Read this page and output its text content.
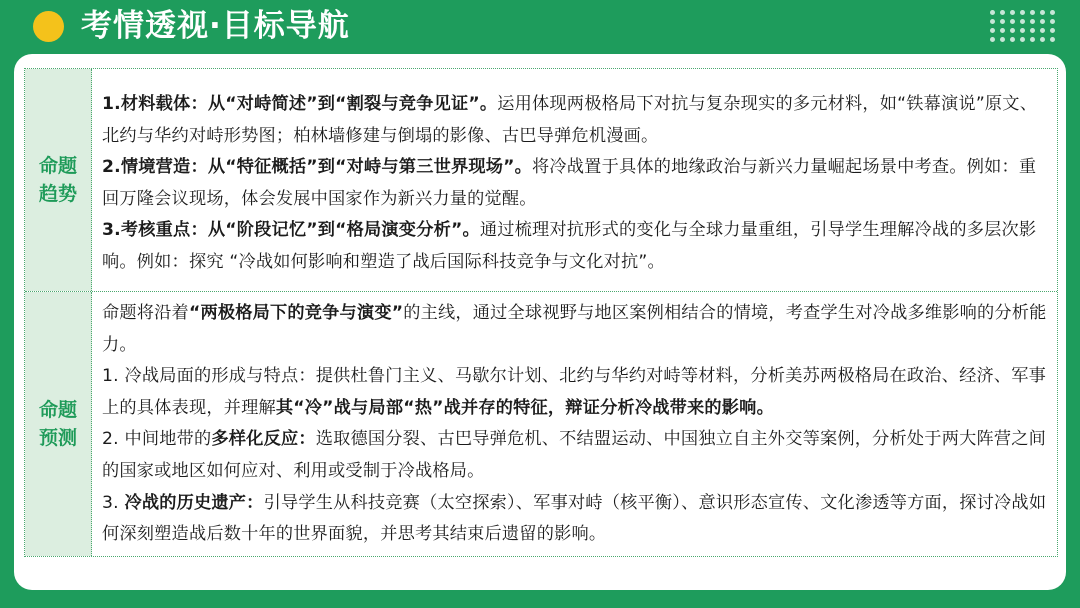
考情透视·目标导航
命题
趋势

1.材料载体：从“对峙简述”到“割裂与竞争见证”。运用体现两极格局下对抗与复杂现实的多元材料，如“铁幕演说”原文、北约与华约对峙形势图；柏林墙修建与倒塌的影像、古巴导弹危机漫画。

2.情境营造：从“特征概括”到“对峙与第三世界现场”。将冷战置于具体的地缘政治与新兴力量崛起场景中考查。例如：重回万隆会议现场，体会发展中国家作为新兴力量的觉醒。

3.考核重点：从“阶段记忆”到“格局演变分析”。通过梳理对抗形式的变化与全球力量重组，引导学生理解冷战的多层次影响。例如：探究 “冷战如何影响和塑造了战后国际科技竞争与文化对抗”。

命题
预测

命题将沿着“两极格局下的竞争与演变”的主线，通过全球视野与地区案例相结合的情境，考查学生对冷战多维影响的分析能力。

1. 冷战局面的形成与特点：提供杜鲁门主义、马歇尔计划、北约与华约对峙等材料，分析美苏两极格局在政治、经济、军事上的具体表现，并理解其“冷”战与局部“热”战并存的特征，辩证分析冷战带来的影响。

2. 中间地带的多样化反应：选取德国分裂、古巴导弹危机、不结盟运动、中国独立自主外交等案例，分析处于两大阵营之间的国家或地区如何应对、利用或受制于冷战格局。

3. 冷战的历史遗产：引导学生从科技竞赛（太空探索）、军事对峙（核平衡）、意识形态宣传、文化渗透等方面，探讨冷战如何深刻塑造战后数十年的世界面貌，并思考其结束后遗留的影响。
